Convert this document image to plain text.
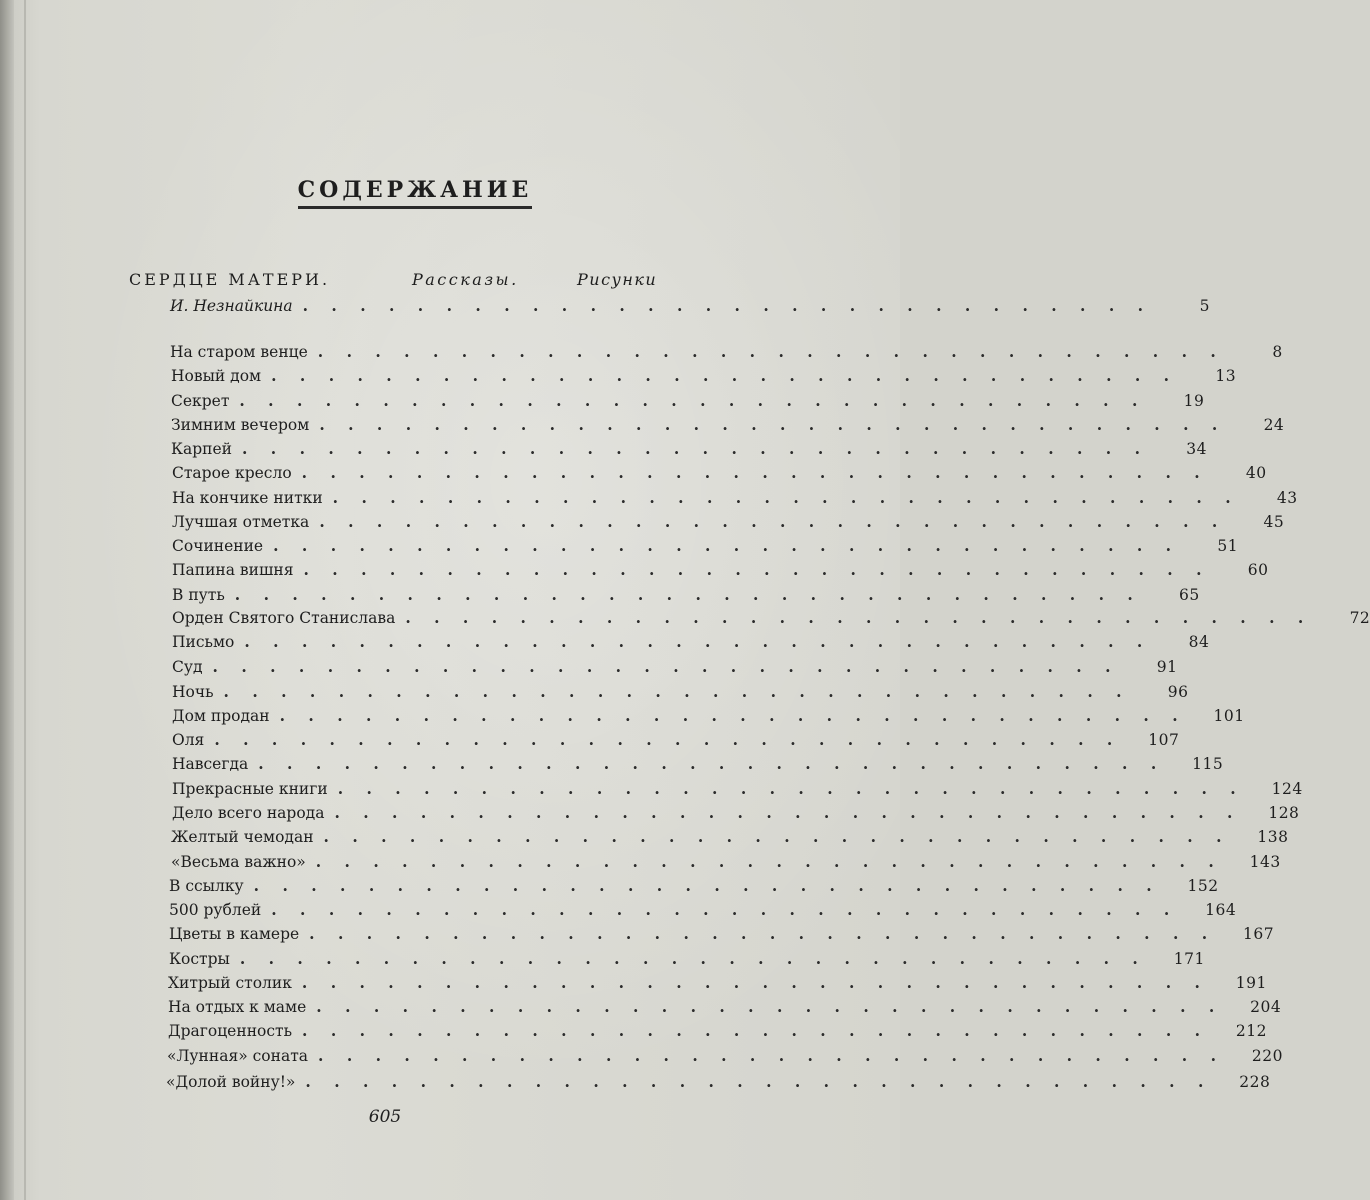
СОДЕРЖАНИЕ
СЕРДЦЕ МАТЕРИ.	Рассказы.	Рисунки
И. Незнайкина . . . . . . . . . . . . . . . . . . . . . . . . . . . . . .	5
На старом венце . . . . . . . . . . . . . . . . . . . . . . . . . . . . . . . .	8
Новый дом . . . . . . . . . . . . . . . . . . . . . . . . . . . . . . . .	13
Секрет . . . . . . . . . . . . . . . . . . . . . . . . . . . . . . . .	19
Зимним вечером . . . . . . . . . . . . . . . . . . . . . . . . . . . . . . . .	24
Карпей . . . . . . . . . . . . . . . . . . . . . . . . . . . . . . . .	34
Старое кресло . . . . . . . . . . . . . . . . . . . . . . . . . . . . . . . .	40
На кончике нитки . . . . . . . . . . . . . . . . . . . . . . . . . . . . . . . .	43
Лучшая отметка . . . . . . . . . . . . . . . . . . . . . . . . . . . . . . . .	45
Сочинение . . . . . . . . . . . . . . . . . . . . . . . . . . . . . . . .	51
Папина вишня . . . . . . . . . . . . . . . . . . . . . . . . . . . . . . . .	60
В путь . . . . . . . . . . . . . . . . . . . . . . . . . . . . . . . .	65
Орден Святого Станислава . . . . . . . . . . . . . . . . . . . . . . . . . . . . . . . .	72
Письмо . . . . . . . . . . . . . . . . . . . . . . . . . . . . . . . .	84
Суд . . . . . . . . . . . . . . . . . . . . . . . . . . . . . . . .	91
Ночь . . . . . . . . . . . . . . . . . . . . . . . . . . . . . . . .	96
Дом продан . . . . . . . . . . . . . . . . . . . . . . . . . . . . . . . .	101
Оля . . . . . . . . . . . . . . . . . . . . . . . . . . . . . . . .	107
Навсегда . . . . . . . . . . . . . . . . . . . . . . . . . . . . . . . .	115
Прекрасные книги . . . . . . . . . . . . . . . . . . . . . . . . . . . . . . . .	124
Дело всего народа . . . . . . . . . . . . . . . . . . . . . . . . . . . . . . . .	128
Желтый чемодан . . . . . . . . . . . . . . . . . . . . . . . . . . . . . . . .	138
«Весьма важно» . . . . . . . . . . . . . . . . . . . . . . . . . . . . . . . .	143
В ссылку . . . . . . . . . . . . . . . . . . . . . . . . . . . . . . . .	152
500 рублей . . . . . . . . . . . . . . . . . . . . . . . . . . . . . . . .	164
Цветы в камере . . . . . . . . . . . . . . . . . . . . . . . . . . . . . . . .	167
Костры . . . . . . . . . . . . . . . . . . . . . . . . . . . . . . . .	171
Хитрый столик . . . . . . . . . . . . . . . . . . . . . . . . . . . . . . . .	191
На отдых к маме . . . . . . . . . . . . . . . . . . . . . . . . . . . . . . . .	204
Драгоценность . . . . . . . . . . . . . . . . . . . . . . . . . . . . . . . .	212
«Лунная» соната . . . . . . . . . . . . . . . . . . . . . . . . . . . . . . . .	220
«Долой войну!» . . . . . . . . . . . . . . . . . . . . . . . . . . . . . . . .	228
605
